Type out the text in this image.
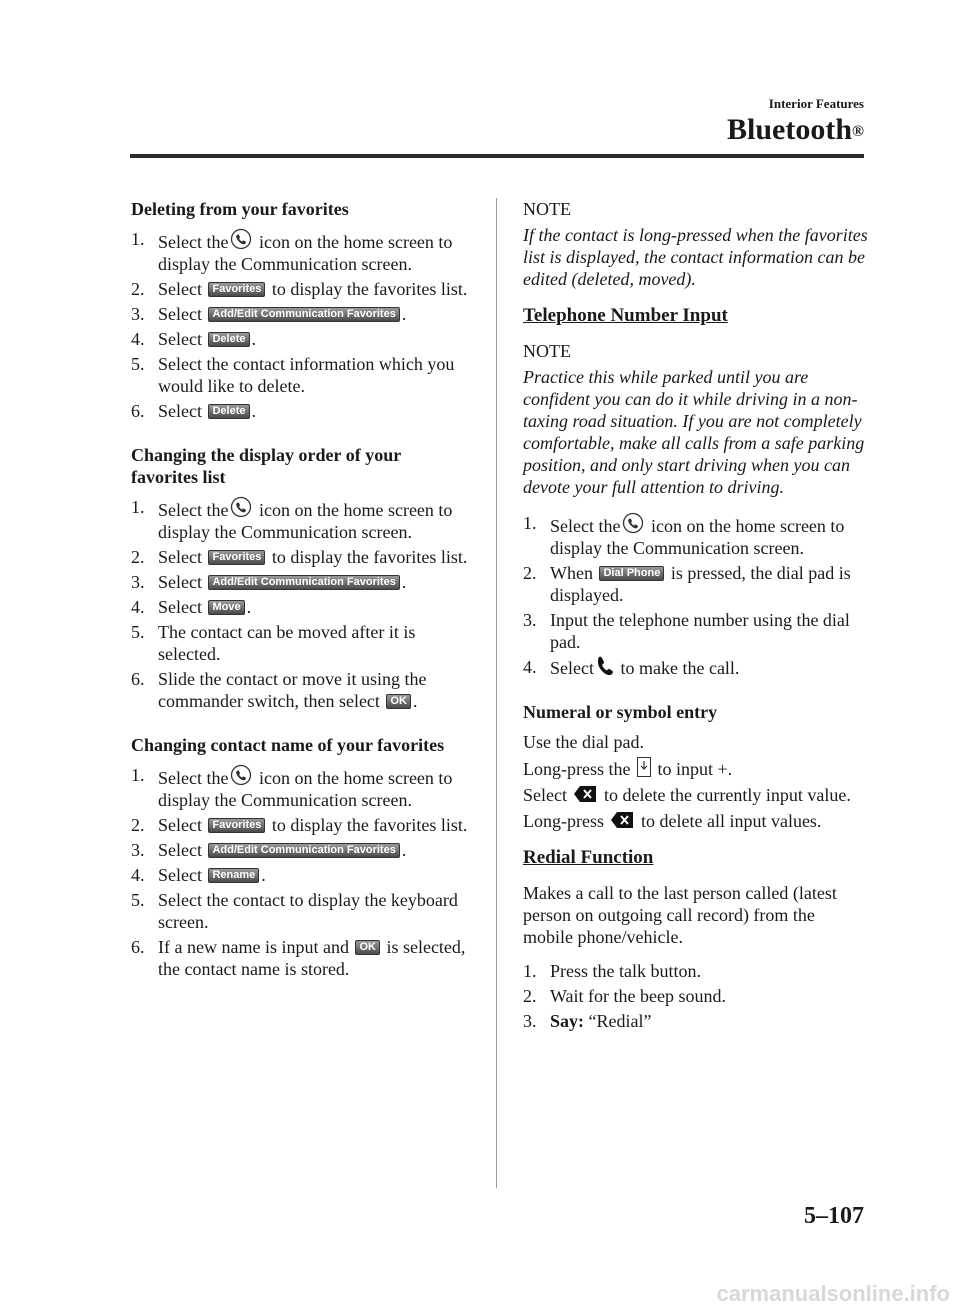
Interior Features
Bluetooth®
Deleting from your favorites
1. Select the icon on the home screen to display the Communication screen.
2. Select Favorites to display the favorites list.
3. Select Add/Edit Communication Favorites .
4. Select Delete .
5. Select the contact information which you would like to delete.
6. Select Delete .
Changing the display order of your favorites list
1. Select the icon on the home screen to display the Communication screen.
2. Select Favorites to display the favorites list.
3. Select Add/Edit Communication Favorites .
4. Select Move .
5. The contact can be moved after it is selected.
6. Slide the contact or move it using the commander switch, then select OK .
Changing contact name of your favorites
1. Select the icon on the home screen to display the Communication screen.
2. Select Favorites to display the favorites list.
3. Select Add/Edit Communication Favorites .
4. Select Rename .
5. Select the contact to display the keyboard screen.
6. If a new name is input and OK is selected, the contact name is stored.

NOTE

If the contact is long-pressed when the favorites list is displayed, the contact information can be edited (deleted, moved).

Telephone Number Input

NOTE

Practice this while parked until you are confident you can do it while driving in a non-taxing road situation. If you are not completely comfortable, make all calls from a safe parking position, and only start driving when you can devote your full attention to driving.

1. Select the icon on the home screen to display the Communication screen.
2. When Dial Phone is pressed, the dial pad is displayed.
3. Input the telephone number using the dial pad.
4. Select to make the call.
Numeral or symbol entry

Use the dial pad.

Long-press the to input +.

Select to delete the currently input value.

Long-press to delete all input values.

Redial Function

Makes a call to the last person called (latest person on outgoing call record) from the mobile phone/vehicle.

1. Press the talk button.
2. Wait for the beep sound.
3. Say: “Redial”
5–107
carmanualsonline.info
